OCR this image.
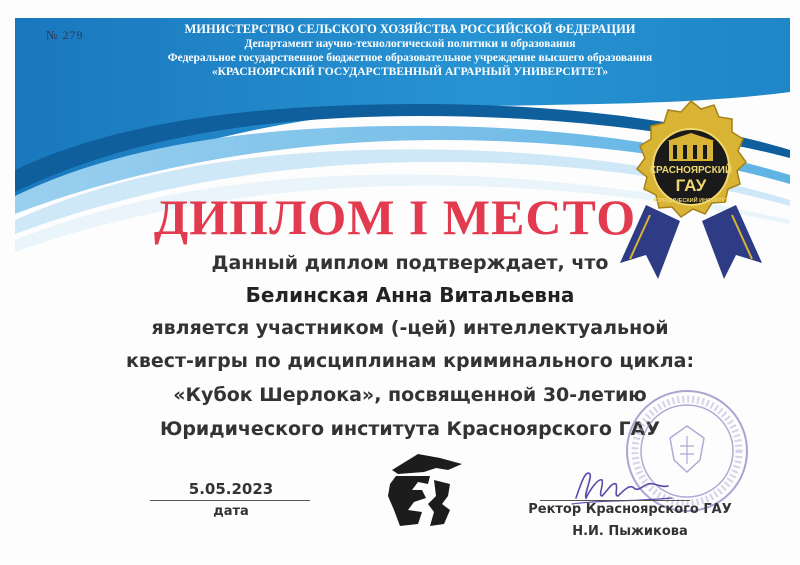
№ 279	МИНИСТЕРСТВО СЕЛЬСКОГО ХОЗЯЙСТВА РОССИЙСКОЙ ФЕДЕРАЦИИ
Департамент научно-технологической политики и образования
Федеральное государственное бюджетное образовательное учреждение высшего образования
«КРАСНОЯРСКИЙ ГОСУДАРСТВЕННЫЙ АГРАРНЫЙ УНИВЕРСИТЕТ»
КРАСНОЯРСКИЙ
ГАУ
ЮРИДИЧЕСКИЙ ИНСТИТУТ
ДИПЛОМ I МЕСТО
Данный диплом подтверждает, что
Белинская Анна Витальевна
является участником (-цей) интеллектуальной
квест-игры по дисциплинам криминального цикла:
«Кубок Шерлока», посвященной 30-летию
Юридического института Красноярского ГАУ
5.05.2023
дата	Ректор Красноярского ГАУ
Н.И. Пыжикова
